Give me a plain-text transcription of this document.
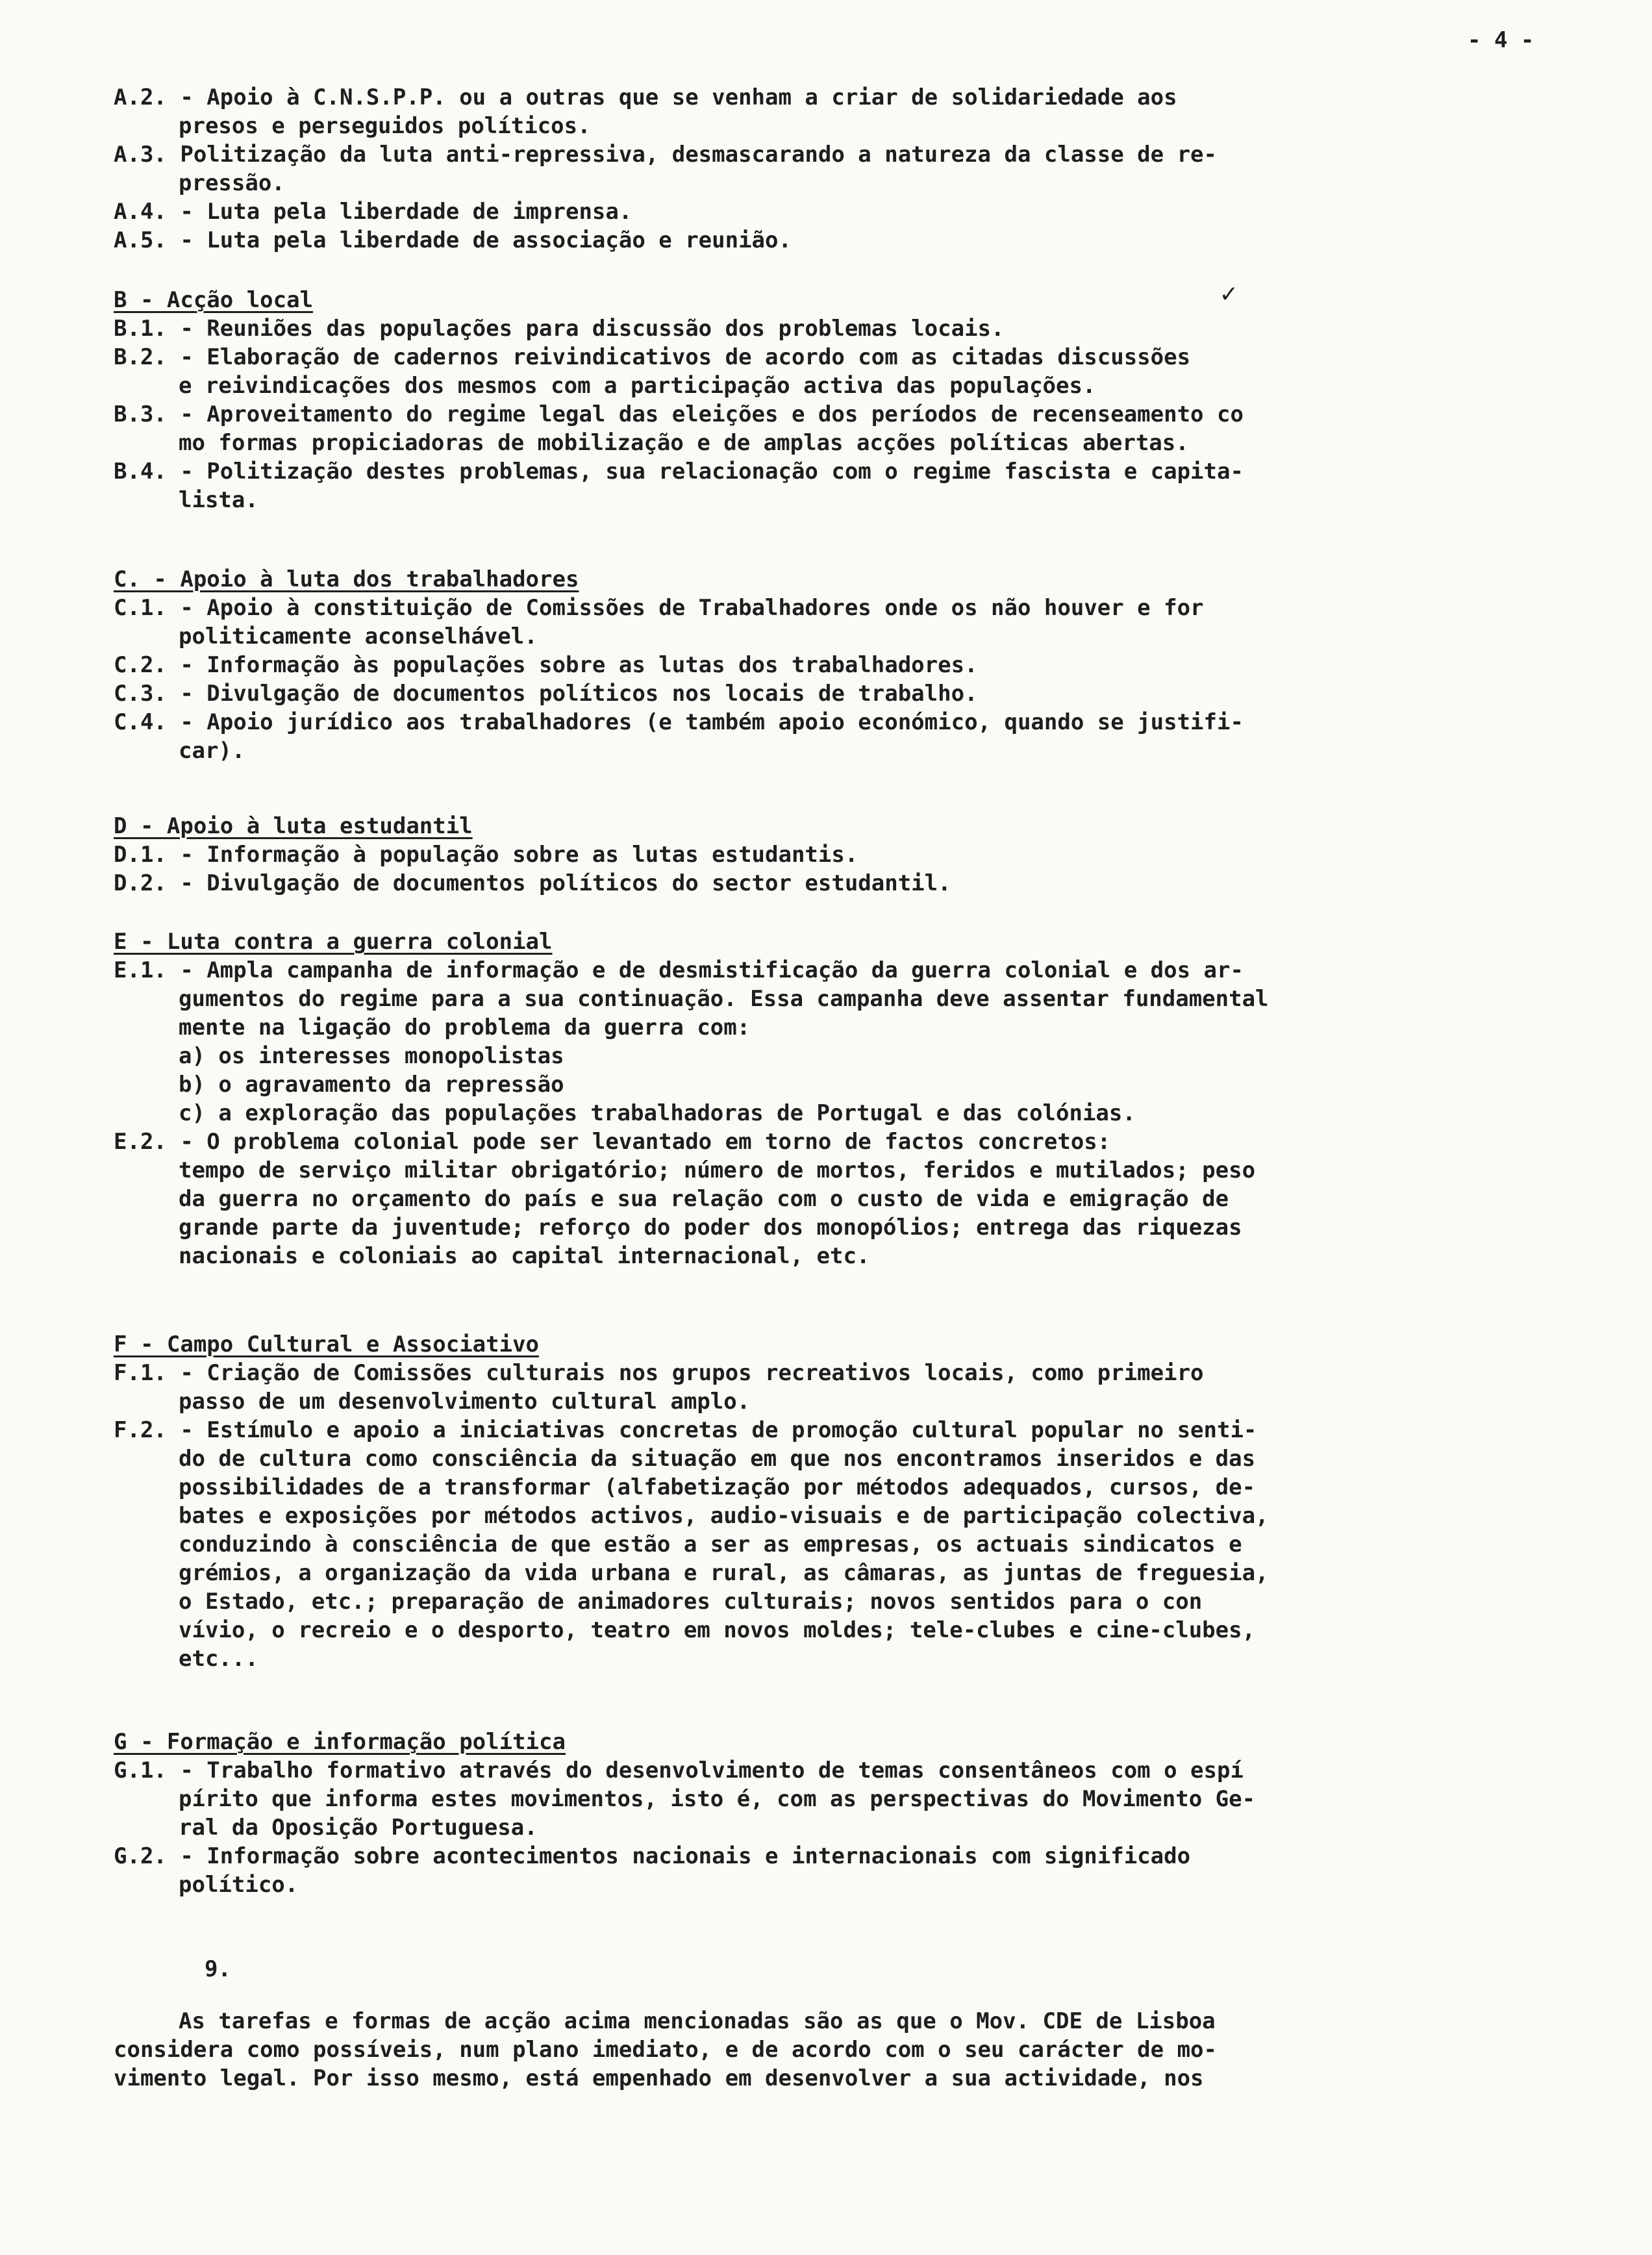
- 4 -
✓
A.2. - Apoio à C.N.S.P.P. ou a outras que se venham a criar de solidariedade aos
presos e perseguidos políticos.
A.3. Politização da luta anti-repressiva, desmascarando a natureza da classe de re-
pressão.
A.4. - Luta pela liberdade de imprensa.
A.5. - Luta pela liberdade de associação e reunião.
B - Acção local
B.1. - Reuniões das populações para discussão dos problemas locais.
B.2. - Elaboração de cadernos reivindicativos de acordo com as citadas discussões
e reivindicações dos mesmos com a participação activa das populações.
B.3. - Aproveitamento do regime legal das eleições e dos períodos de recenseamento co
mo formas propiciadoras de mobilização e de amplas acções políticas abertas.
B.4. - Politização destes problemas, sua relacionação com o regime fascista e capita-
lista.
C. - Apoio à luta dos trabalhadores
C.1. - Apoio à constituição de Comissões de Trabalhadores onde os não houver e for
politicamente aconselhável.
C.2. - Informação às populações sobre as lutas dos trabalhadores.
C.3. - Divulgação de documentos políticos nos locais de trabalho.
C.4. - Apoio jurídico aos trabalhadores (e também apoio económico, quando se justifi-
car).
D - Apoio à luta estudantil
D.1. - Informação à população sobre as lutas estudantis.
D.2. - Divulgação de documentos políticos do sector estudantil.
E - Luta contra a guerra colonial
E.1. - Ampla campanha de informação e de desmistificação da guerra colonial e dos ar-
gumentos do regime para a sua continuação. Essa campanha deve assentar fundamental
mente na ligação do problema da guerra com:
a) os interesses monopolistas
b) o agravamento da repressão
c) a exploração das populações trabalhadoras de Portugal e das colónias.
E.2. - O problema colonial pode ser levantado em torno de factos concretos:
tempo de serviço militar obrigatório; número de mortos, feridos e mutilados; peso
da guerra no orçamento do país e sua relação com o custo de vida e emigração de
grande parte da juventude; reforço do poder dos monopólios; entrega das riquezas
nacionais e coloniais ao capital internacional, etc.
F - Campo Cultural e Associativo
F.1. - Criação de Comissões culturais nos grupos recreativos locais, como primeiro
passo de um desenvolvimento cultural amplo.
F.2. - Estímulo e apoio a iniciativas concretas de promoção cultural popular no senti-
do de cultura como consciência da situação em que nos encontramos inseridos e das
possibilidades de a transformar (alfabetização por métodos adequados, cursos, de-
bates e exposições por métodos activos, audio-visuais e de participação colectiva,
conduzindo à consciência de que estão a ser as empresas, os actuais sindicatos e
grémios, a organização da vida urbana e rural, as câmaras, as juntas de freguesia,
o Estado, etc.; preparação de animadores culturais; novos sentidos para o con
vívio, o recreio e o desporto, teatro em novos moldes; tele-clubes e cine-clubes,
etc...
G - Formação e informação política
G.1. - Trabalho formativo através do desenvolvimento de temas consentâneos com o espí
pírito que informa estes movimentos, isto é, com as perspectivas do Movimento Ge-
ral da Oposição Portuguesa.
G.2. - Informação sobre acontecimentos nacionais e internacionais com significado
político.
9.
As tarefas e formas de acção acima mencionadas são as que o Mov. CDE de Lisboa
considera como possíveis, num plano imediato, e de acordo com o seu carácter de mo-
vimento legal. Por isso mesmo, está empenhado em desenvolver a sua actividade, nos
